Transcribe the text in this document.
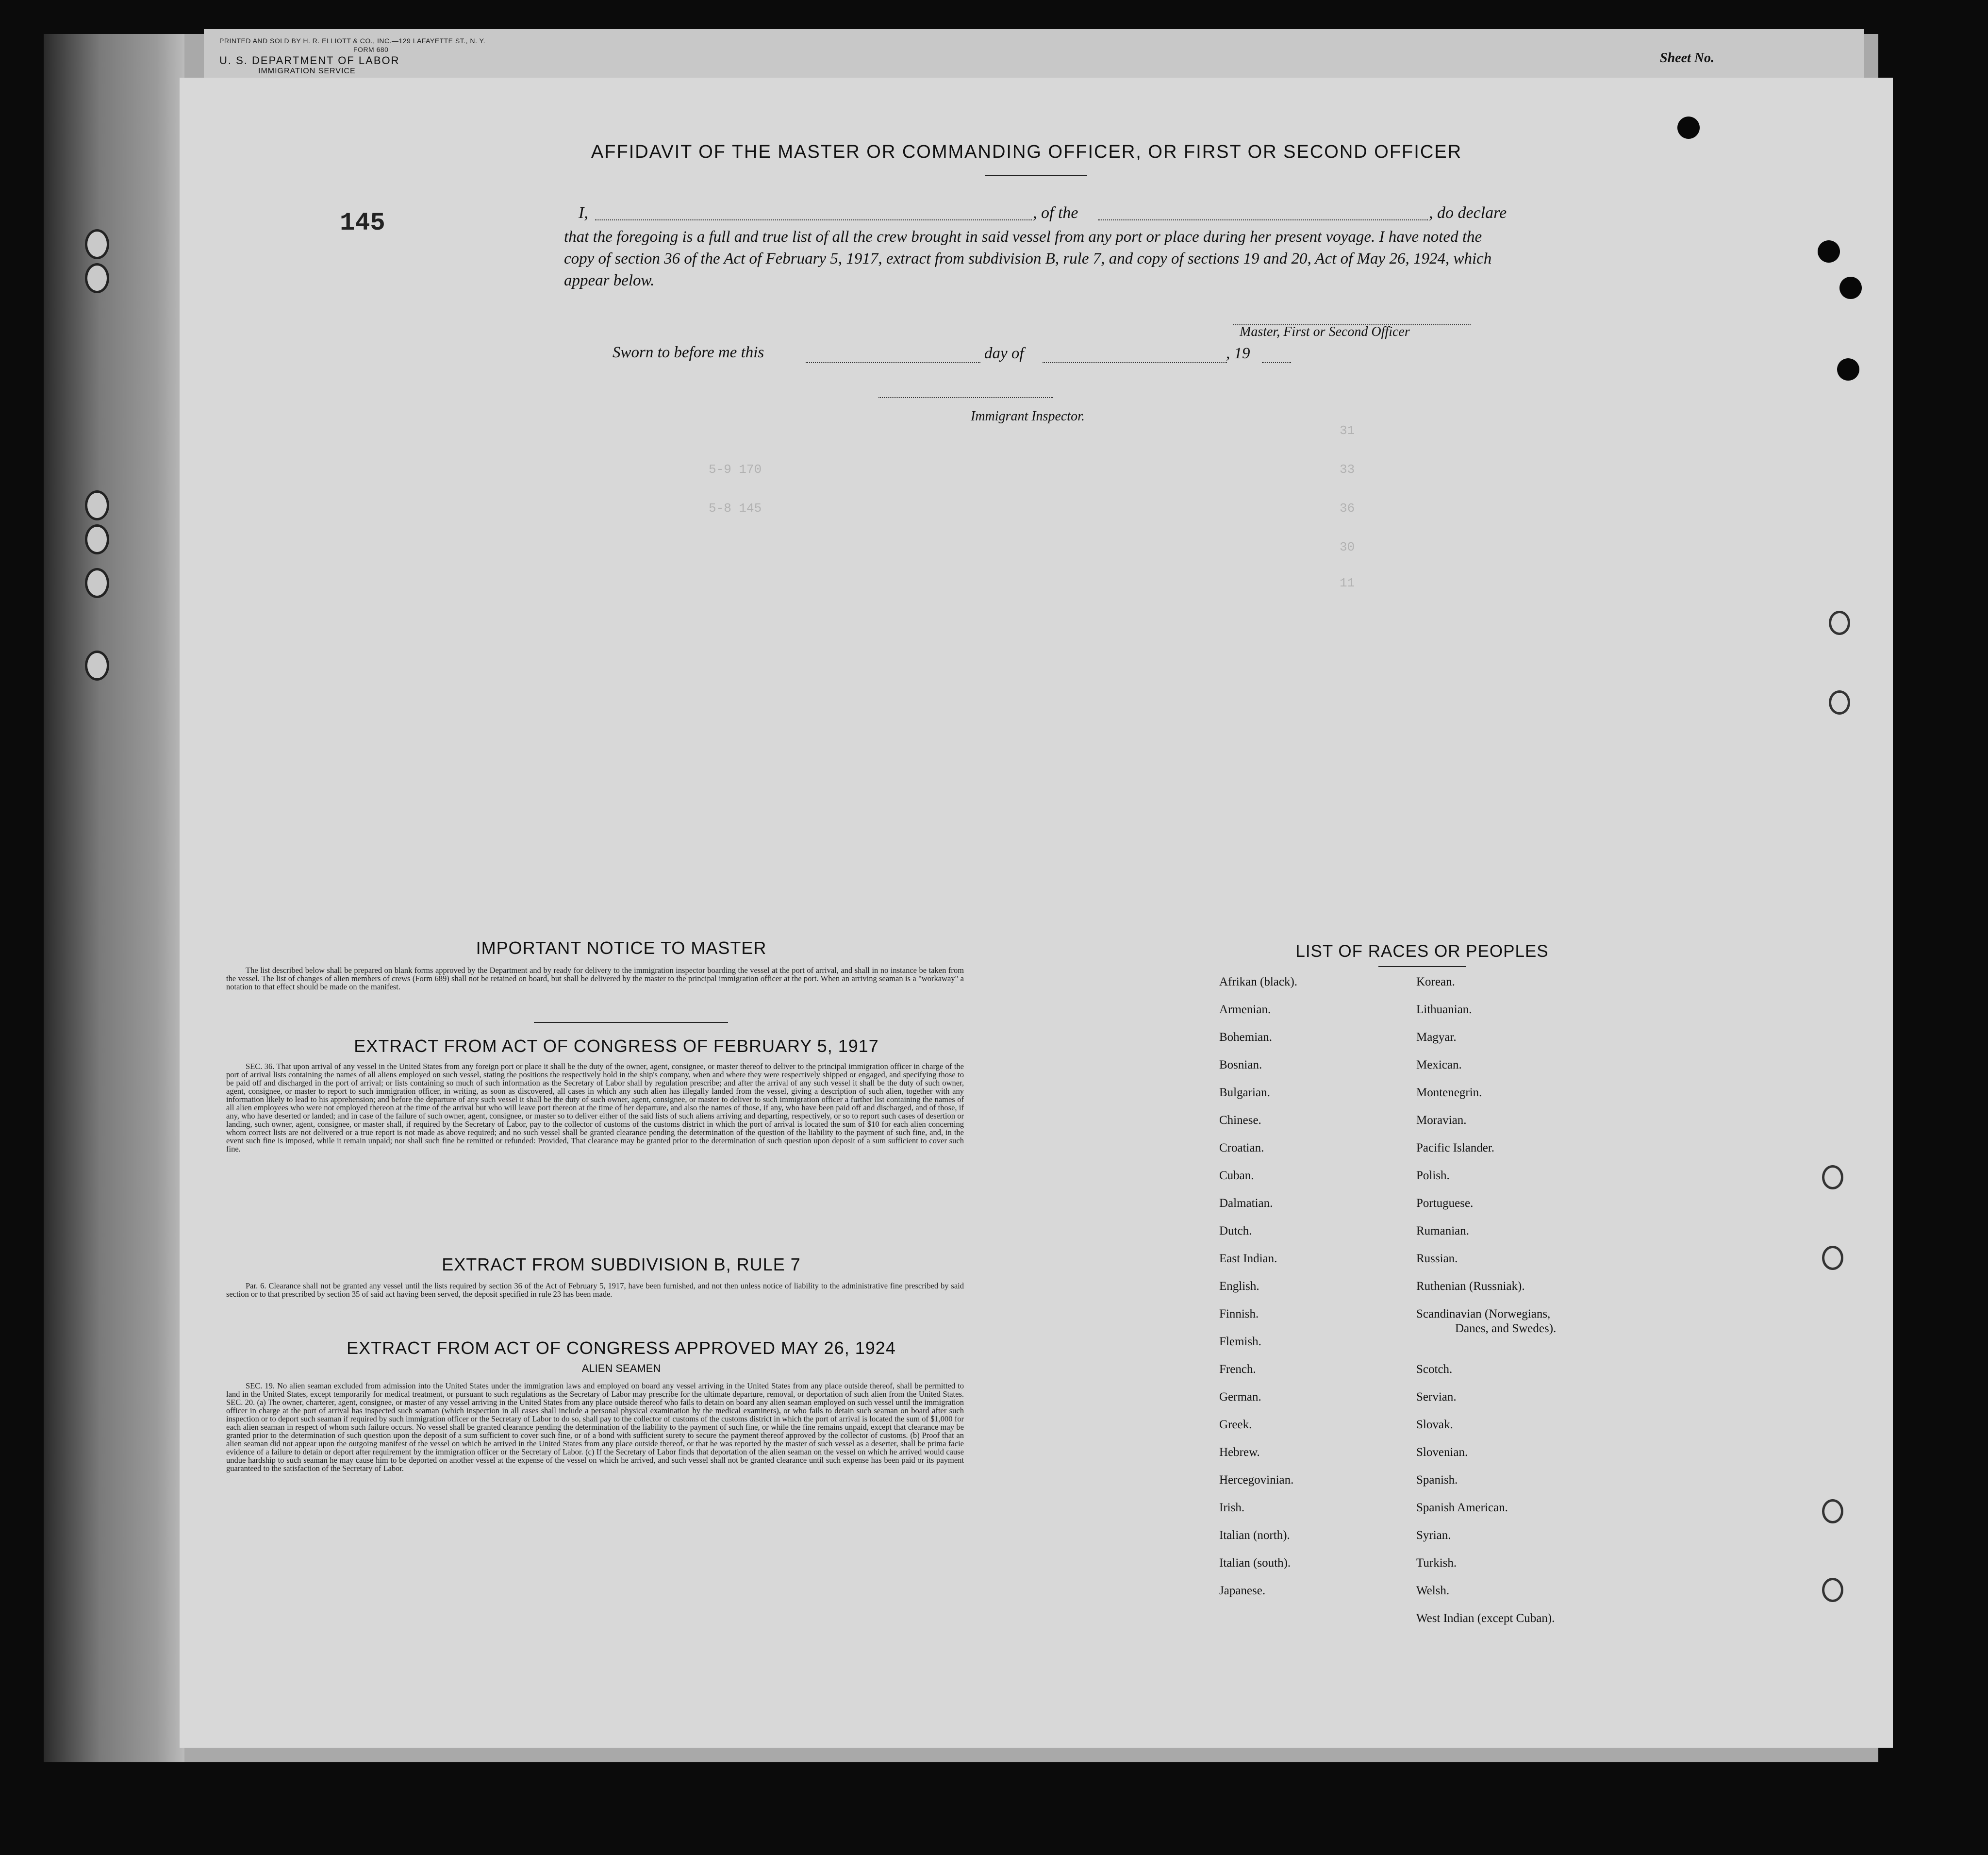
PRINTED AND SOLD BY H. R. ELLIOTT & CO., INC.—129 LAFAYETTE ST., N. Y.
FORM 680
U. S. DEPARTMENT OF LABOR
IMMIGRATION SERVICE
Sheet No.
145
AFFIDAVIT OF THE MASTER OR COMMANDING OFFICER, OR FIRST OR SECOND OFFICER
I,	, of the	, do declare
that the foregoing is a full and true list of all the crew brought in said vessel from any port or place during her present voyage. I have noted the copy of section 36 of the Act of February 5, 1917, extract from subdivision B, rule 7, and copy of sections 19 and 20, Act of May 26, 1924, which appear below.
Master, First or Second Officer
Sworn to before me this	day of	, 19
Immigrant Inspector.
31
33
36
30
11
5-9 170
5-8 145
IMPORTANT NOTICE TO MASTER
The list described below shall be prepared on blank forms approved by the Department and by ready for delivery to the immigration inspector boarding the vessel at the port of arrival, and shall in no instance be taken from the vessel. The list of changes of alien members of crews (Form 689) shall not be retained on board, but shall be delivered by the master to the principal immigration officer at the port. When an arriving seaman is a "workaway" a notation to that effect should be made on the manifest.
EXTRACT FROM ACT OF CONGRESS OF FEBRUARY 5, 1917
SEC. 36. That upon arrival of any vessel in the United States from any foreign port or place it shall be the duty of the owner, agent, consignee, or master thereof to deliver to the principal immigration officer in charge of the port of arrival lists containing the names of all aliens employed on such vessel, stating the positions the respectively hold in the ship's company, when and where they were respectively shipped or engaged, and specifying those to be paid off and discharged in the port of arrival; or lists containing so much of such information as the Secretary of Labor shall by regulation prescribe; and after the arrival of any such vessel it shall be the duty of such owner, agent, consignee, or master to report to such immigration officer, in writing, as soon as discovered, all cases in which any such alien has illegally landed from the vessel, giving a description of such alien, together with any information likely to lead to his apprehension; and before the departure of any such vessel it shall be the duty of such owner, agent, consignee, or master to deliver to such immigration officer a further list containing the names of all alien employees who were not employed thereon at the time of the arrival but who will leave port thereon at the time of her departure, and also the names of those, if any, who have been paid off and discharged, and of those, if any, who have deserted or landed; and in case of the failure of such owner, agent, consignee, or master so to deliver either of the said lists of such aliens arriving and departing, respectively, or so to report such cases of desertion or landing, such owner, agent, consignee, or master shall, if required by the Secretary of Labor, pay to the collector of customs of the customs district in which the port of arrival is located the sum of $10 for each alien concerning whom correct lists are not delivered or a true report is not made as above required; and no such vessel shall be granted clearance pending the determination of the question of the liability to the payment of such fine, and, in the event such fine is imposed, while it remain unpaid; nor shall such fine be remitted or refunded: Provided, That clearance may be granted prior to the determination of such question upon deposit of a sum sufficient to cover such fine.
EXTRACT FROM SUBDIVISION B, RULE 7
Par. 6. Clearance shall not be granted any vessel until the lists required by section 36 of the Act of February 5, 1917, have been furnished, and not then unless notice of liability to the administrative fine prescribed by said section or to that prescribed by section 35 of said act having been served, the deposit specified in rule 23 has been made.
EXTRACT FROM ACT OF CONGRESS APPROVED MAY 26, 1924
ALIEN SEAMEN
SEC. 19. No alien seaman excluded from admission into the United States under the immigration laws and employed on board any vessel arriving in the United States from any place outside thereof, shall be permitted to land in the United States, except temporarily for medical treatment, or pursuant to such regulations as the Secretary of Labor may prescribe for the ultimate departure, removal, or deportation of such alien from the United States. SEC. 20. (a) The owner, charterer, agent, consignee, or master of any vessel arriving in the United States from any place outside thereof who fails to detain on board any alien seaman employed on such vessel until the immigration officer in charge at the port of arrival has inspected such seaman (which inspection in all cases shall include a personal physical examination by the medical examiners), or who fails to detain such seaman on board after such inspection or to deport such seaman if required by such immigration officer or the Secretary of Labor to do so, shall pay to the collector of customs of the customs district in which the port of arrival is located the sum of $1,000 for each alien seaman in respect of whom such failure occurs. No vessel shall be granted clearance pending the determination of the liability to the payment of such fine, or while the fine remains unpaid, except that clearance may be granted prior to the determination of such question upon the deposit of a sum sufficient to cover such fine, or of a bond with sufficient surety to secure the payment thereof approved by the collector of customs. (b) Proof that an alien seaman did not appear upon the outgoing manifest of the vessel on which he arrived in the United States from any place outside thereof, or that he was reported by the master of such vessel as a deserter, shall be prima facie evidence of a failure to detain or deport after requirement by the immigration officer or the Secretary of Labor. (c) If the Secretary of Labor finds that deportation of the alien seaman on the vessel on which he arrived would cause undue hardship to such seaman he may cause him to be deported on another vessel at the expense of the vessel on which he arrived, and such vessel shall not be granted clearance until such expense has been paid or its payment guaranteed to the satisfaction of the Secretary of Labor.
LIST OF RACES OR PEOPLES
Afrikan (black).
Armenian.
Bohemian.
Bosnian.
Bulgarian.
Chinese.
Croatian.
Cuban.
Dalmatian.
Dutch.
East Indian.
English.
Finnish.
Flemish.
French.
German.
Greek.
Hebrew.
Hercegovinian.
Irish.
Italian (north).
Italian (south).
Japanese.
Korean.
Lithuanian.
Magyar.
Mexican.
Montenegrin.
Moravian.
Pacific Islander.
Polish.
Portuguese.
Rumanian.
Russian.
Ruthenian (Russniak).
Scandinavian (Norwegians,
Danes, and Swedes).
Scotch.
Servian.
Slovak.
Slovenian.
Spanish.
Spanish American.
Syrian.
Turkish.
Welsh.
West Indian (except Cuban).
